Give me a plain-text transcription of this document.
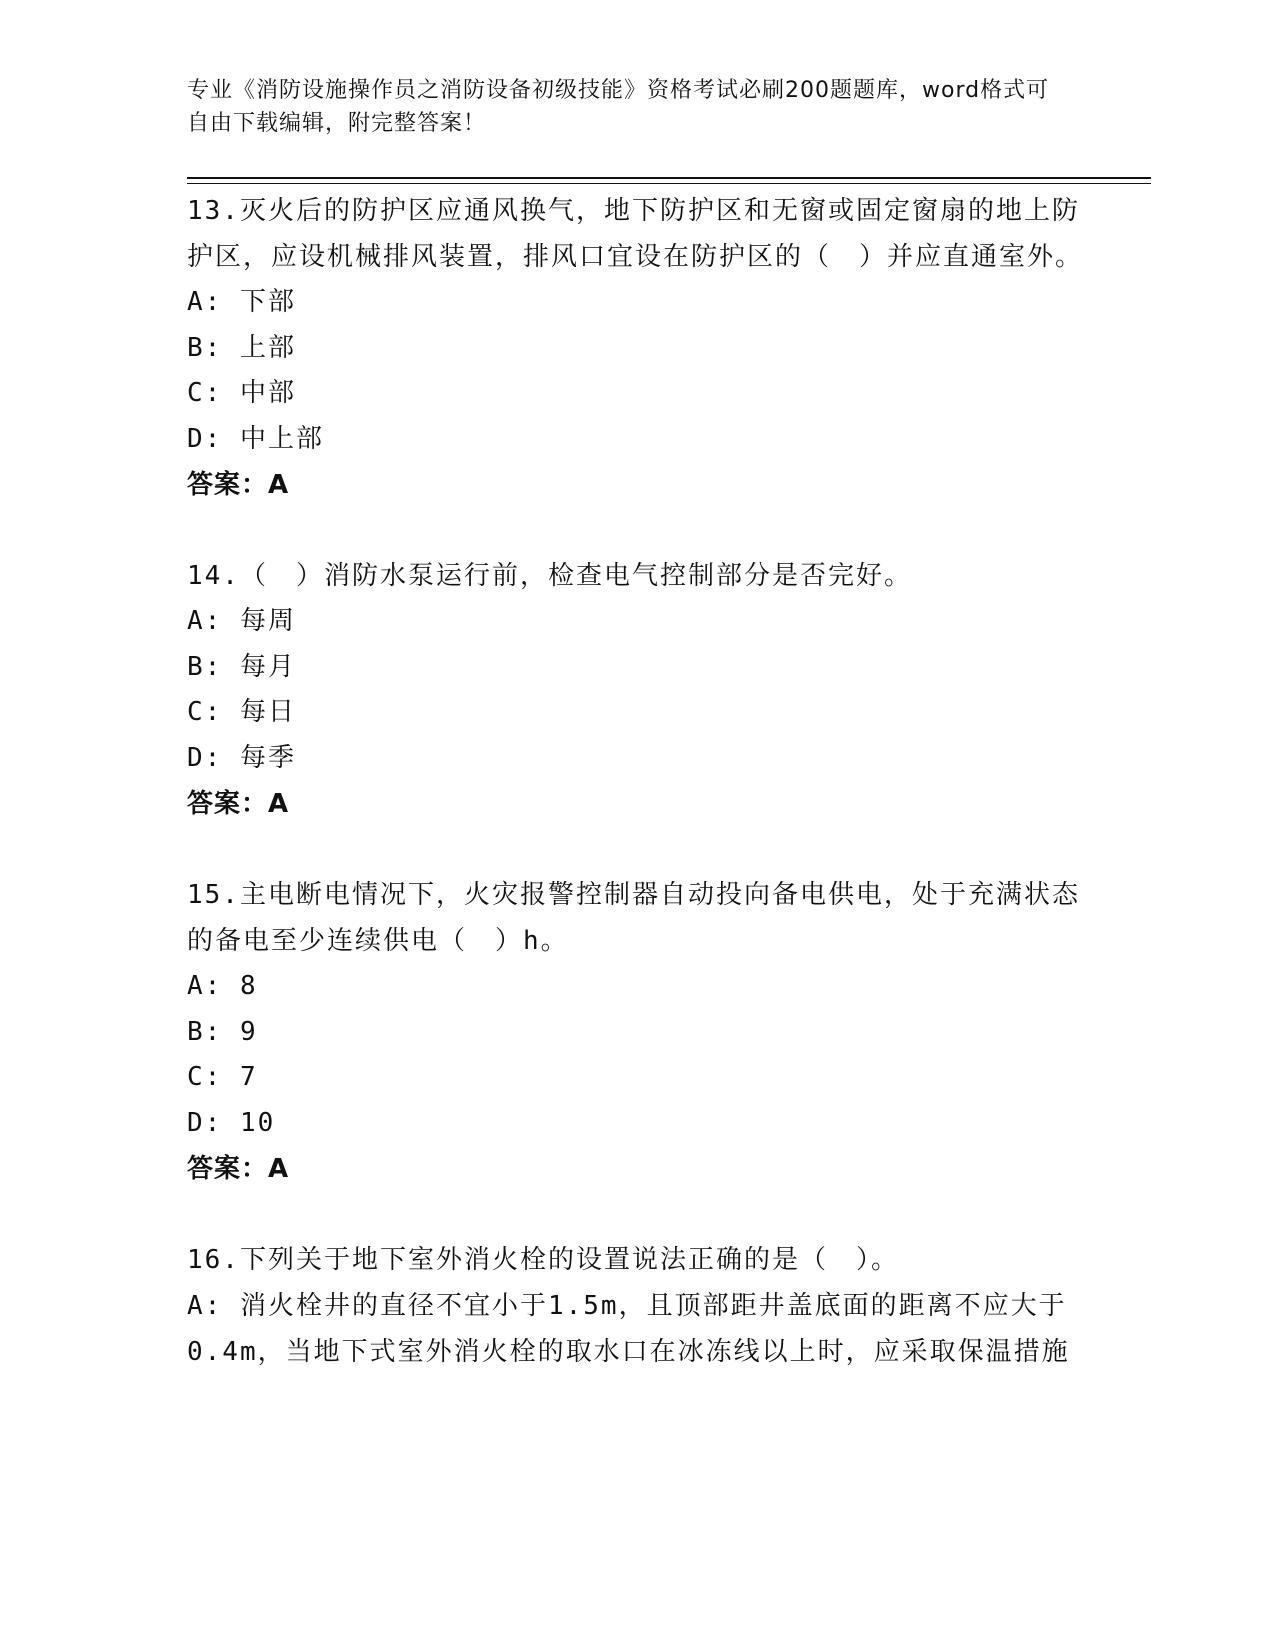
专业《消防设施操作员之消防设备初级技能》资格考试必刷200题题库，word格式可自由下载编辑，附完整答案！
13.灭火后的防护区应通风换气，地下防护区和无窗或固定窗扇的地上防护区，应设机械排风装置，排风口宜设在防护区的（　）并应直通室外。
A: 下部
B: 上部
C: 中部
D: 中上部
答案：A
14.（　）消防水泵运行前，检查电气控制部分是否完好。
A: 每周
B: 每月
C: 每日
D: 每季
答案：A
15.主电断电情况下，火灾报警控制器自动投向备电供电，处于充满状态的备电至少连续供电（　）h。
A: 8
B: 9
C: 7
D: 10
答案：A
16.下列关于地下室外消火栓的设置说法正确的是（　）。
A: 消火栓井的直径不宜小于1.5m，且顶部距井盖底面的距离不应大于0.4m，当地下式室外消火栓的取水口在冰冻线以上时，应采取保温措施
